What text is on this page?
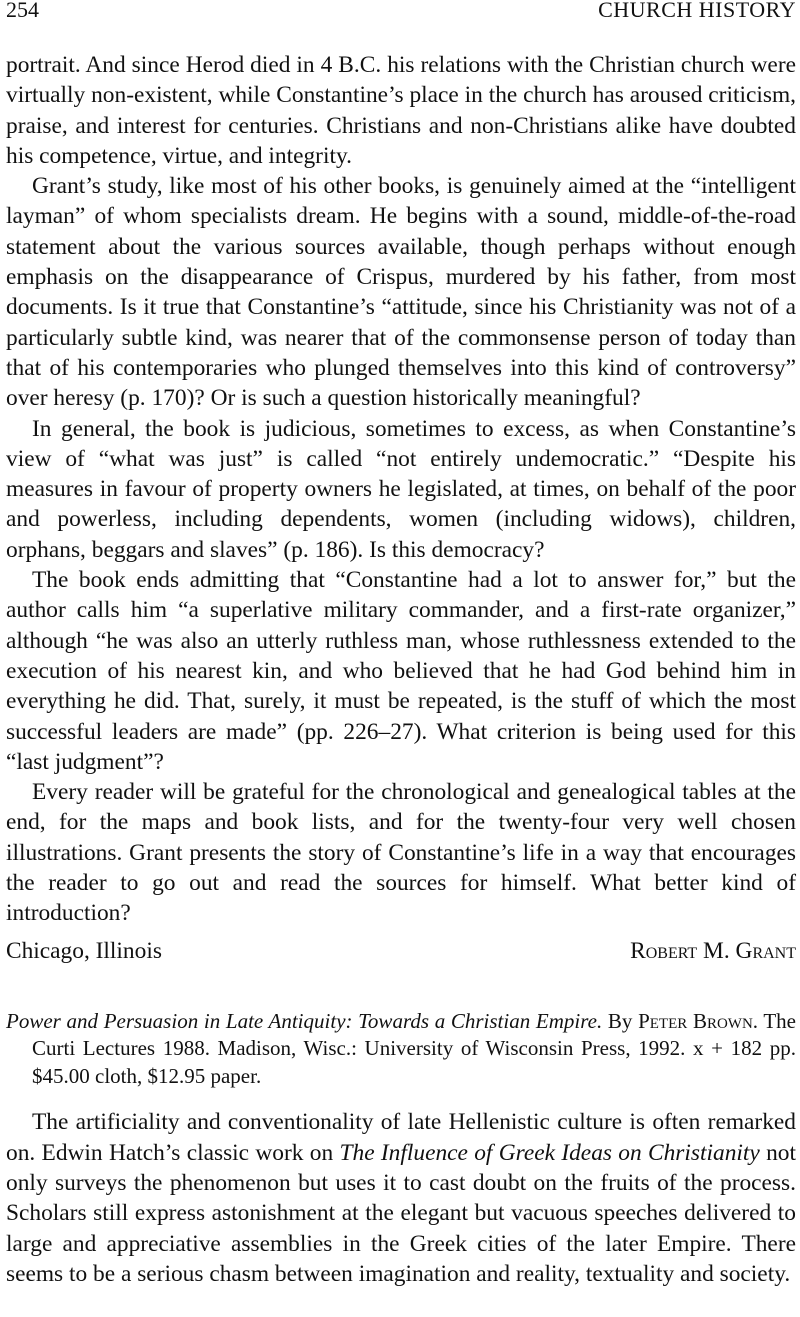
254	CHURCH HISTORY

portrait. And since Herod died in 4 B.C. his relations with the Christian church were virtually non-existent, while Constantine’s place in the church has aroused criticism, praise, and interest for centuries. Christians and non-Christians alike have doubted his competence, virtue, and integrity.

Grant’s study, like most of his other books, is genuinely aimed at the “intelligent layman” of whom specialists dream. He begins with a sound, middle-of-the-road statement about the various sources available, though perhaps without enough emphasis on the disappearance of Crispus, murdered by his father, from most documents. Is it true that Constantine’s “attitude, since his Christianity was not of a particularly subtle kind, was nearer that of the commonsense person of today than that of his contemporaries who plunged themselves into this kind of controversy” over heresy (p. 170)? Or is such a question historically meaningful?

In general, the book is judicious, sometimes to excess, as when Constantine’s view of “what was just” is called “not entirely undemocratic.” “Despite his measures in favour of property owners he legislated, at times, on behalf of the poor and powerless, including dependents, women (including widows), children, orphans, beggars and slaves” (p. 186). Is this democracy?

The book ends admitting that “Constantine had a lot to answer for,” but the author calls him “a superlative military commander, and a first-rate organizer,” although “he was also an utterly ruthless man, whose ruthlessness extended to the execution of his nearest kin, and who believed that he had God behind him in everything he did. That, surely, it must be repeated, is the stuff of which the most successful leaders are made” (pp. 226–27). What criterion is being used for this “last judgment”?

Every reader will be grateful for the chronological and genealogical tables at the end, for the maps and book lists, and for the twenty-four very well chosen illustrations. Grant presents the story of Constantine’s life in a way that encourages the reader to go out and read the sources for himself. What better kind of introduction?

Chicago, Illinois	Robert M. Grant

Power and Persuasion in Late Antiquity: Towards a Christian Empire. By Peter Brown. The Curti Lectures 1988. Madison, Wisc.: University of Wisconsin Press, 1992. x + 182 pp. $45.00 cloth, $12.95 paper.

The artificiality and conventionality of late Hellenistic culture is often remarked on. Edwin Hatch’s classic work on The Influence of Greek Ideas on Christianity not only surveys the phenomenon but uses it to cast doubt on the fruits of the process. Scholars still express astonishment at the elegant but vacuous speeches delivered to large and appreciative assemblies in the Greek cities of the later Empire. There seems to be a serious chasm between imagination and reality, textuality and society.
